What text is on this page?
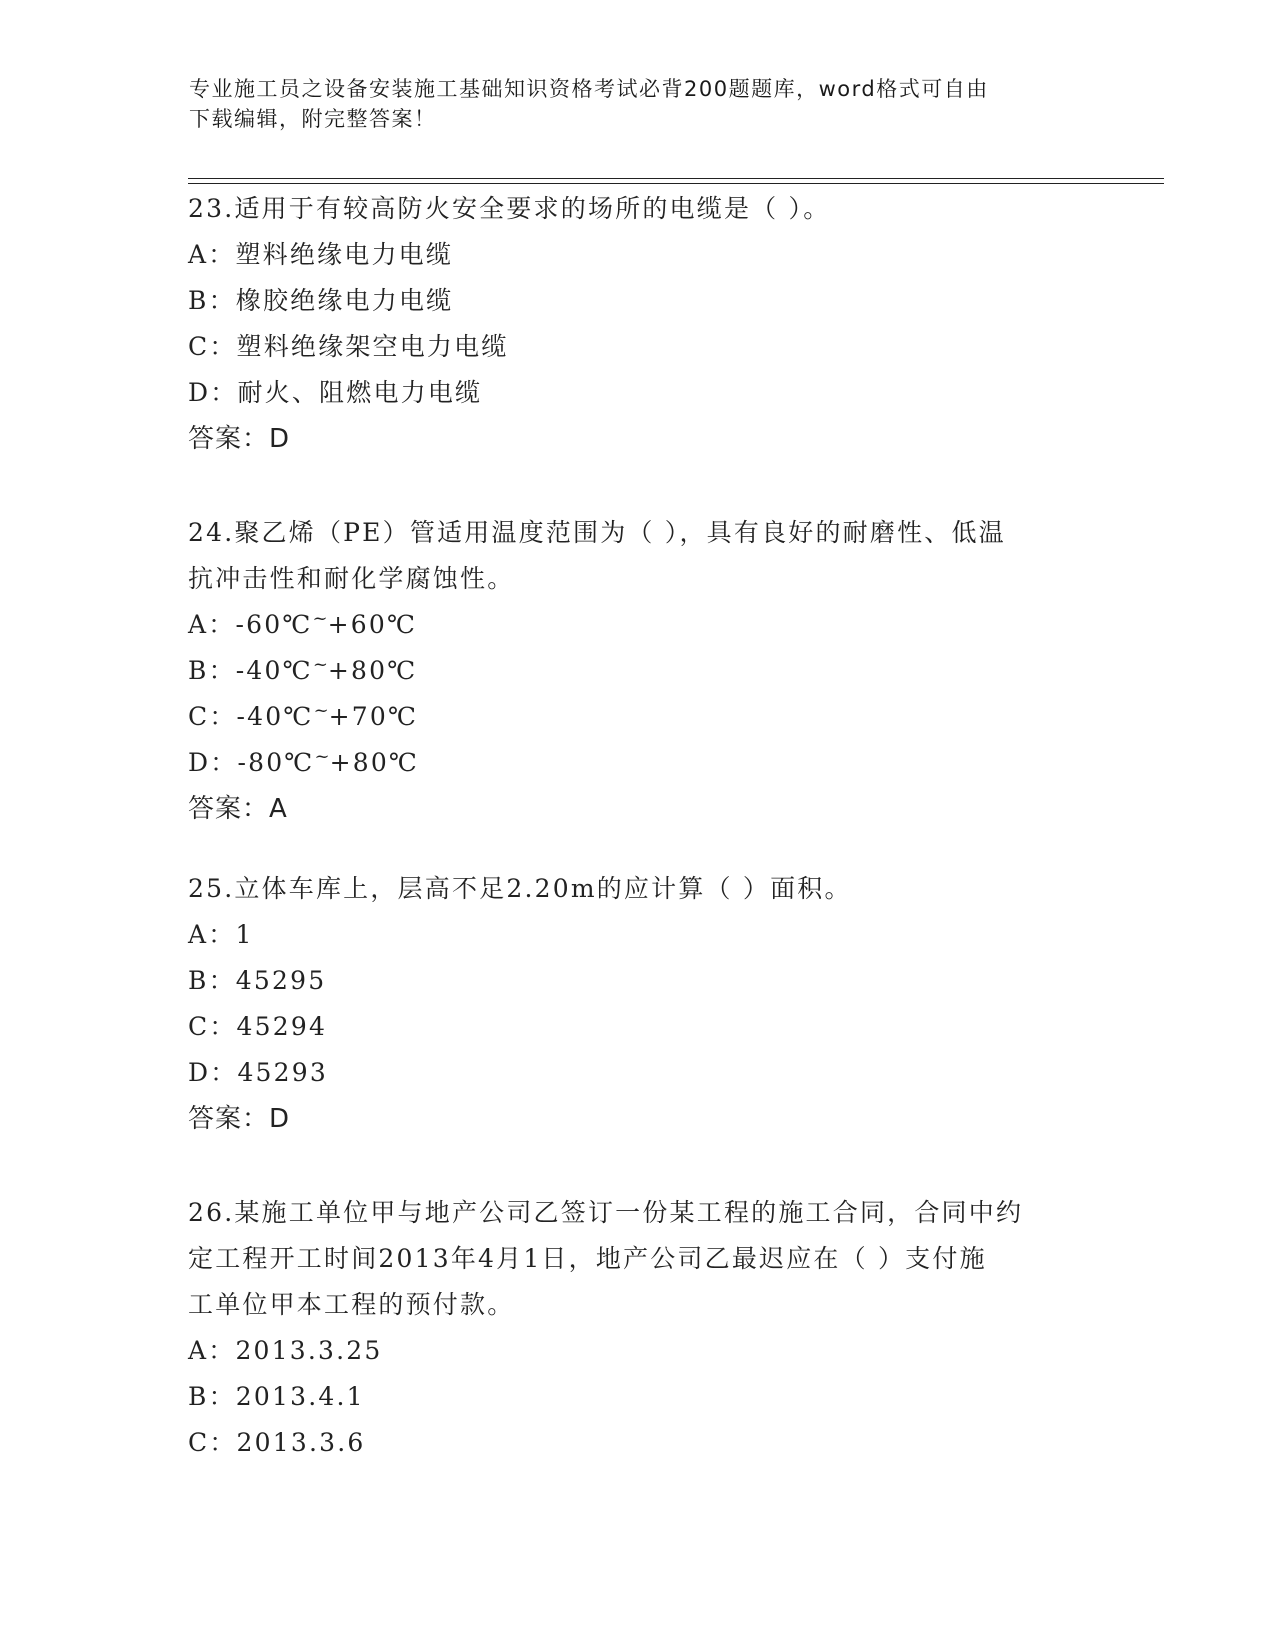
专业施工员之设备安装施工基础知识资格考试必背200题题库，word格式可自由
下载编辑，附完整答案！
23.适用于有较高防火安全要求的场所的电缆是（ ）。
A：塑料绝缘电力电缆
B：橡胶绝缘电力电缆
C：塑料绝缘架空电力电缆
D：耐火、阻燃电力电缆
答案：D
24.聚乙烯（PE）管适用温度范围为（ ），具有良好的耐磨性、低温
抗冲击性和耐化学腐蚀性。
A：-60℃~+60℃
B：-40℃~+80℃
C：-40℃~+70℃
D：-80℃~+80℃
答案：A
25.立体车库上，层高不足2.20m的应计算（ ）面积。
A：1
B：45295
C：45294
D：45293
答案：D
26.某施工单位甲与地产公司乙签订一份某工程的施工合同，合同中约
定工程开工时间2013年4月1日，地产公司乙最迟应在（ ）支付施
工单位甲本工程的预付款。
A：2013.3.25
B：2013.4.1
C：2013.3.6
